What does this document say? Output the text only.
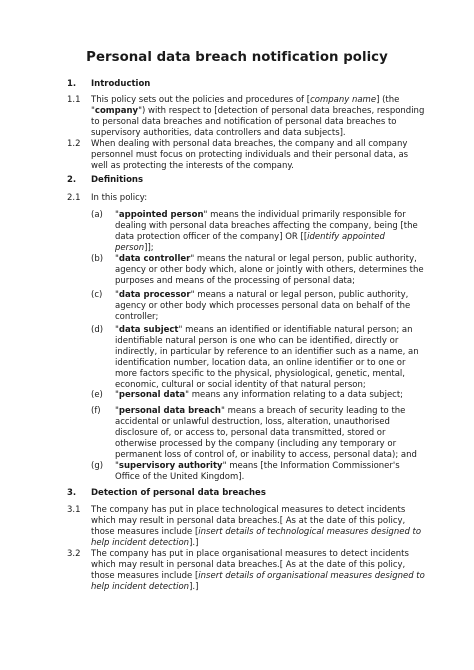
Personal data breach notification policy
1. Introduction
1.1 This policy sets out the policies and procedures of [company name] (the
"company") with respect to [detection of personal data breaches, responding
to personal data breaches and notification of personal data breaches to
supervisory authorities, data controllers and data subjects].
1.2 When dealing with personal data breaches, the company and all company
personnel must focus on protecting individuals and their personal data, as
well as protecting the interests of the company.
2. Definitions
2.1 In this policy:
(a) "appointed person" means the individual primarily responsible for
dealing with personal data breaches affecting the company, being [the
data protection officer of the company] OR [[identify appointed
person]];
(b) "data controller" means the natural or legal person, public authority,
agency or other body which, alone or jointly with others, determines the
purposes and means of the processing of personal data;
(c) "data processor" means a natural or legal person, public authority,
agency or other body which processes personal data on behalf of the
controller;
(d) "data subject" means an identified or identifiable natural person; an
identifiable natural person is one who can be identified, directly or
indirectly, in particular by reference to an identifier such as a name, an
identification number, location data, an online identifier or to one or
more factors specific to the physical, physiological, genetic, mental,
economic, cultural or social identity of that natural person;
(e) "personal data" means any information relating to a data subject;
(f) "personal data breach" means a breach of security leading to the
accidental or unlawful destruction, loss, alteration, unauthorised
disclosure of, or access to, personal data transmitted, stored or
otherwise processed by the company (including any temporary or
permanent loss of control of, or inability to access, personal data); and
(g) "supervisory authority" means [the Information Commissioner's
Office of the United Kingdom].
3. Detection of personal data breaches
3.1 The company has put in place technological measures to detect incidents
which may result in personal data breaches.[ As at the date of this policy,
those measures include [insert details of technological measures designed to
help incident detection].]
3.2 The company has put in place organisational measures to detect incidents
which may result in personal data breaches.[ As at the date of this policy,
those measures include [insert details of organisational measures designed to
help incident detection].]
